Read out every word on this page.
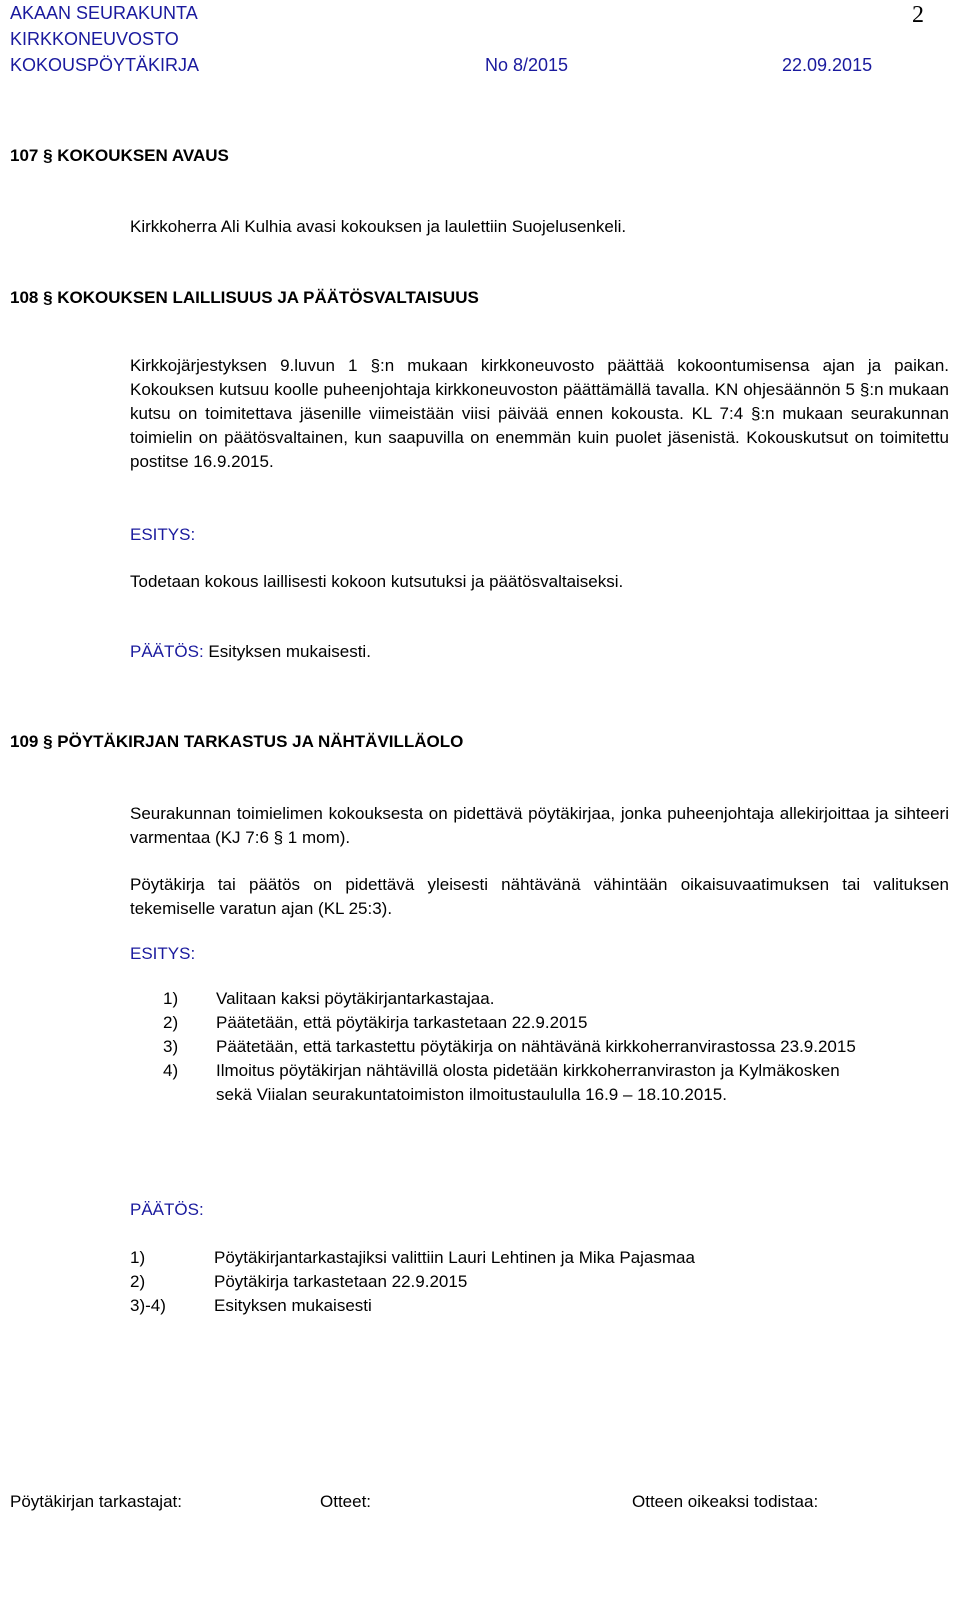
AKAAN SEURAKUNTA
KIRKKONEUVOSTO
KOKOUSPÖYTÄKIRJA	No 8/2015	22.09.2015
2
107 § KOKOUKSEN AVAUS
Kirkkoherra Ali Kulhia avasi kokouksen ja laulettiin Suojelusenkeli.
108 § KOKOUKSEN LAILLISUUS JA PÄÄTÖSVALTAISUUS
Kirkkojärjestyksen 9.luvun 1 §:n mukaan kirkkoneuvosto päättää kokoontumisensa ajan ja paikan. Kokouksen kutsuu koolle puheenjohtaja kirkkoneuvoston päättämällä tavalla. KN ohjesäännön 5 §:n mukaan kutsu on toimitettava jäsenille viimeistään viisi päivää ennen kokousta. KL 7:4 §:n mukaan seurakunnan toimielin on päätösvaltainen, kun saapuvilla on enemmän kuin puolet jäsenistä. Kokouskutsut on toimitettu postitse 16.9.2015.
ESITYS:
Todetaan kokous laillisesti kokoon kutsutuksi ja päätösvaltaiseksi.
PÄÄTÖS: Esityksen mukaisesti.
109 § PÖYTÄKIRJAN TARKASTUS JA NÄHTÄVILLÄOLO
Seurakunnan toimielimen kokouksesta on pidettävä pöytäkirjaa, jonka puheenjohtaja allekirjoittaa ja sihteeri varmentaa (KJ 7:6 § 1 mom).
Pöytäkirja tai päätös on pidettävä yleisesti nähtävänä vähintään oikaisuvaatimuksen tai valituksen tekemiselle varatun ajan (KL 25:3).
ESITYS:
1)	Valitaan kaksi pöytäkirjantarkastajaa.
2)	Päätetään, että pöytäkirja tarkastetaan 22.9.2015
3)	Päätetään, että tarkastettu pöytäkirja on nähtävänä kirkkoherranvirastossa 23.9.2015
4)	Ilmoitus pöytäkirjan nähtävillä olosta pidetään kirkkoherranviraston ja Kylmäkosken sekä Viialan seurakuntatoimiston ilmoitustaululla 16.9 – 18.10.2015.
PÄÄTÖS:
1)	Pöytäkirjantarkastajiksi valittiin Lauri Lehtinen ja Mika Pajasmaa
2)	Pöytäkirja tarkastetaan 22.9.2015
3)-4)	Esityksen mukaisesti
Pöytäkirjan tarkastajat:	Otteet:	Otteen oikeaksi todistaa:
